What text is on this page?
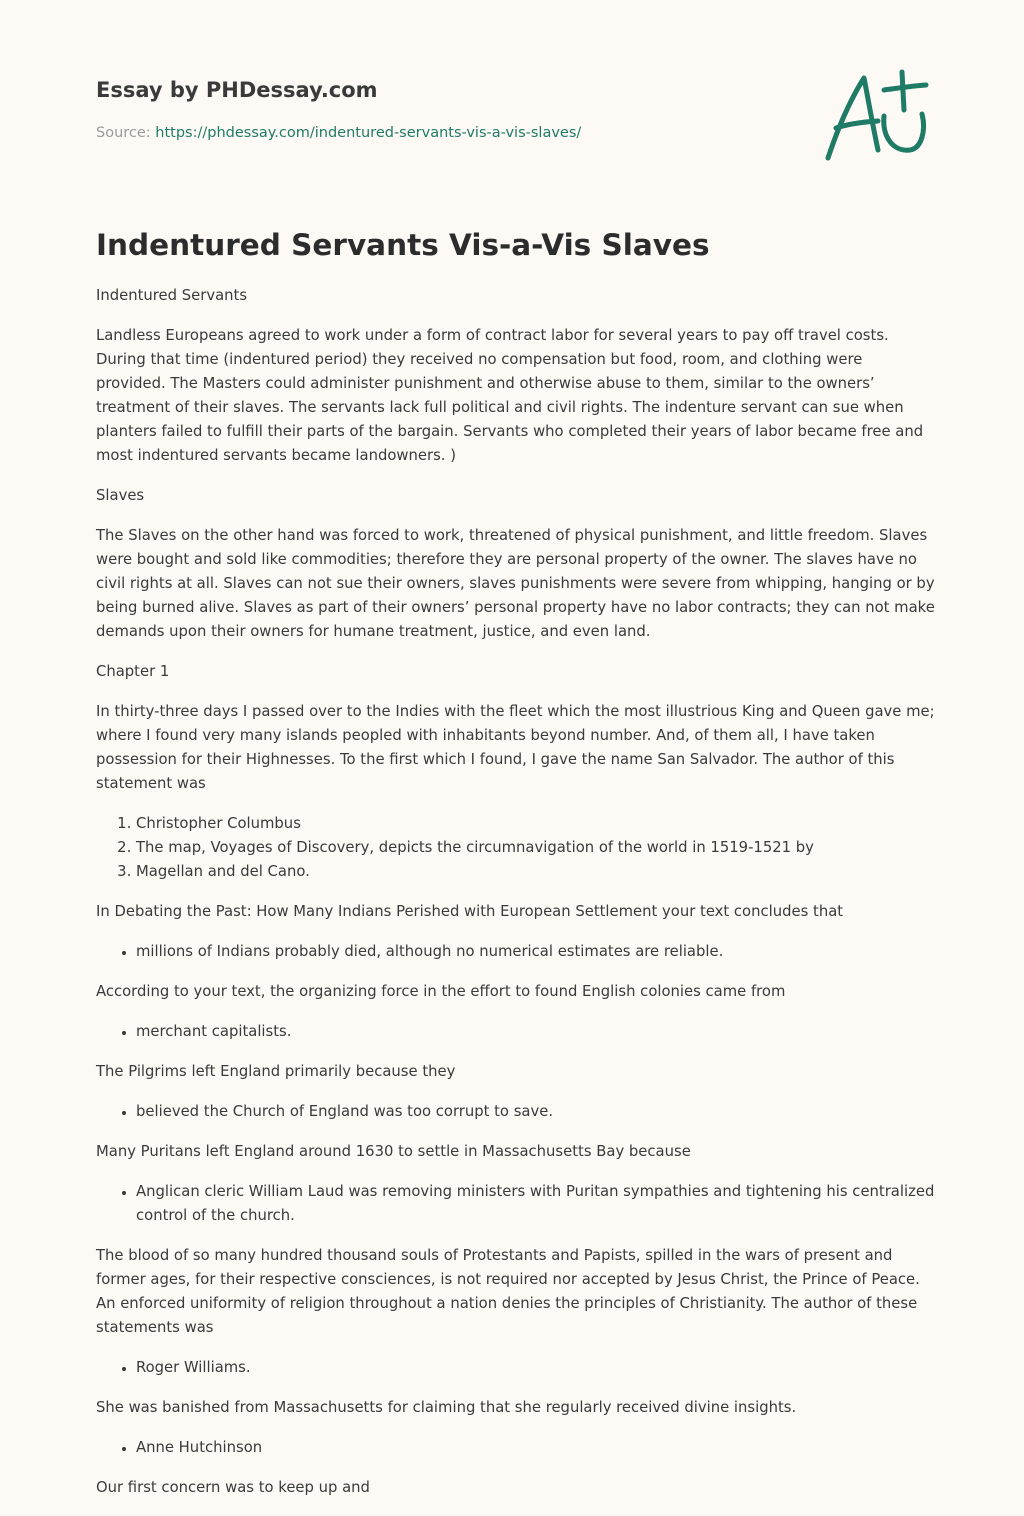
Essay by PHDessay.com
Source: https://phdessay.com/indentured-servants-vis-a-vis-slaves/
Indentured Servants Vis-a-Vis Slaves

Indentured Servants

Landless Europeans agreed to work under a form of contract labor for several years to pay off travel costs. During that time (indentured period) they received no compensation but food, room, and clothing were provided. The Masters could administer punishment and otherwise abuse to them, similar to the owners’ treatment of their slaves. The servants lack full political and civil rights. The indenture servant can sue when planters failed to fulfill their parts of the bargain. Servants who completed their years of labor became free and most indentured servants became landowners. )

Slaves

The Slaves on the other hand was forced to work, threatened of physical punishment, and little freedom. Slaves were bought and sold like commodities; therefore they are personal property of the owner. The slaves have no civil rights at all. Slaves can not sue their owners, slaves punishments were severe from whipping, hanging or by being burned alive. Slaves as part of their owners’ personal property have no labor contracts; they can not make demands upon their owners for humane treatment, justice, and even land.

Chapter 1

In thirty-three days I passed over to the Indies with the fleet which the most illustrious King and Queen gave me; where I found very many islands peopled with inhabitants beyond number. And, of them all, I have taken possession for their Highnesses. To the first which I found, I gave the name San Salvador. The author of this statement was

1. Christopher Columbus
2. The map, Voyages of Discovery, depicts the circumnavigation of the world in 1519-1521 by
3. Magellan and del Cano.

In Debating the Past: How Many Indians Perished with European Settlement your text concludes that

• millions of Indians probably died, although no numerical estimates are reliable.

According to your text, the organizing force in the effort to found English colonies came from

• merchant capitalists.

The Pilgrims left England primarily because they

• believed the Church of England was too corrupt to save.

Many Puritans left England around 1630 to settle in Massachusetts Bay because

• Anglican cleric William Laud was removing ministers with Puritan sympathies and tightening his centralized control of the church.

The blood of so many hundred thousand souls of Protestants and Papists, spilled in the wars of present and former ages, for their respective consciences, is not required nor accepted by Jesus Christ, the Prince of Peace. An enforced uniformity of religion throughout a nation denies the principles of Christianity. The author of these statements was

• Roger Williams.

She was banished from Massachusetts for claiming that she regularly received divine insights.

• Anne Hutchinson

Our first concern was to keep up and
